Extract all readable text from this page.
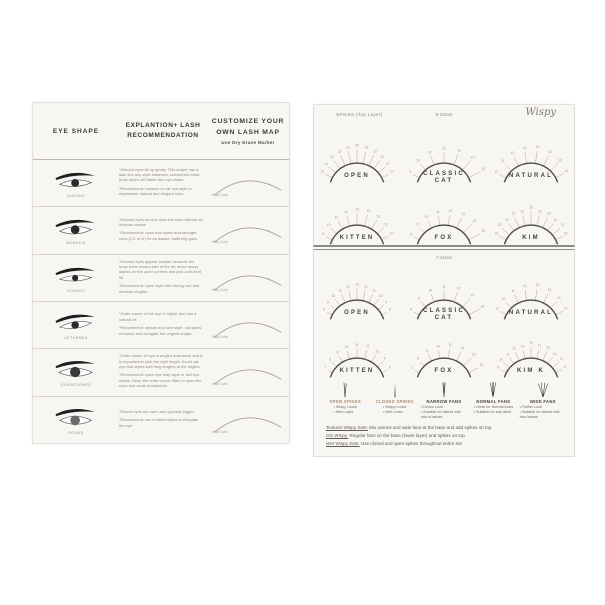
EYE SHAPE
EXPLANTION+ LASH RECOMMENDATION
CUSTOMIZE YOUR OWN LASH MAP
Use Dry Erase Marker
ALMOND

“Almond eyes tilt up gently. This shape has a lash line any style balances; considered ideal. Most styles will flatter this eye shape.

“Recommend: balance or cat eye style to emphasize natural and elegant eyes.	Map Curls
MONOLID

“Monolid eyes tend to open the eyes without an obvious crease.

“Recommend: open eye styles and stronger curls (CC or D) for an awake, flattering gaze.

Map Curls
HOODED

“Hooded eyes appear smaller because the brow bone covers part of the lid; avoid heavy lashes on the outer corners and pick curls that lift.

“Recommend: open style with strong curl and medium lengths.	Map Curls
UPTURNED

“Outer corner of the eye is higher and has a natural lift.

“Recommend: almost any lash style; cat styles enhance and elongate the original shape.

Map Curls
DOWNTURNED

“Outer corner of eye is angled downward and it is important to pick the right length. Avoid cat eye and styles with long lengths at the angles.

“Recommend: open eye map style or doll eye shape. Keep the outer corner lifted to open the eyes and avoid droopiness.	Map Curls
ROUND

“Round eyes are open and typically bigger.

“Recommend: cat or kitten styles to elongate the eye.

Map Curls
SPIKES (Top Layer)	9-15mm	Wispy
10
11
12
13
14
15
14
13
12
11
10
OPEN
9
10
11
12	13
14
15
CLASSIC
CAT
10
11
12
13	14
13
12
11
NATURAL
9
10
11
12
13 13
12
11
10
KITTEN
8
9
10
11	12
13
14
15
FOX
10
12
11
13 12
15
12 13
11
12
10
KIM
7-14mm
8
9
10
11
12
13
12
11
10
9
8
OPEN
8
9
10
11	12
13
14
CLASSIC
CAT
9
10
11
12	13
12
11
10
NATURAL
7
8
9
10
11 11
10
9
8
KITTEN	7
8
9
10	11
12
13
13
FOX
8
10
9
11 10
13
11 12
10
11
9
KIM K
OPEN SPIKES
• Wispy Looks
• Wet Looks
CLOSED SPIKES
• Wispy Looks
• Wet Looks
NARROW FANS
• Dense Look
• Suitable for clients with lots of lashes
NORMAL FANS
• Great for Normal looks
• Suitable for any client
WIDE FANS
• Fluffier Look
• Suitable for clients with less lashes
Texture/ Wispy Sets: Mix narrow and wide fans at the base and add spikes on top
OG Wispy: Regular fans on the base (lower layer) and spikes on top
Wet Wispy Sets: Use closed and open spikes throughout entire set
